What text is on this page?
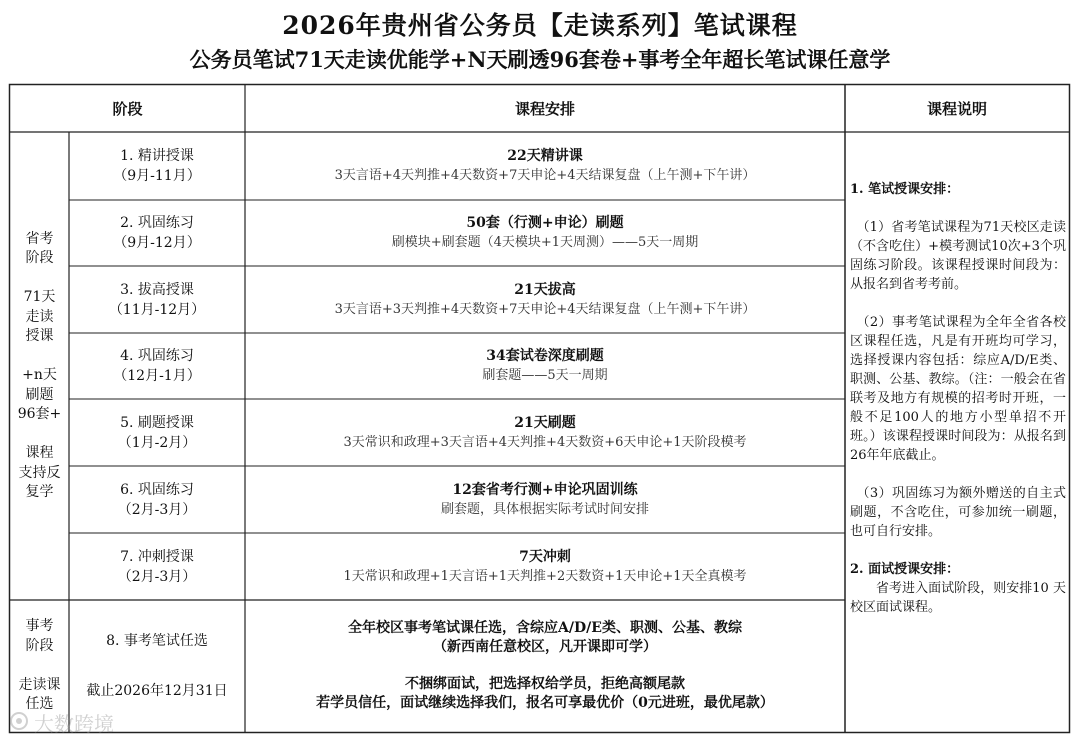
2026年贵州省公务员【走读系列】笔试课程
公务员笔试71天走读优能学+N天刷透96套卷+事考全年超长笔试课任意学
阶段	课程安排	课程说明
省考
阶段
71天
走读
授课
+n天
刷题
96套+
课程
支持反
复学
1. 精讲授课
（9月-11月）
22天精讲课
3天言语+4天判推+4天数资+7天申论+4天结课复盘（上午测+下午讲）
2. 巩固练习
（9月-12月）
50套（行测+申论）刷题
刷模块+刷套题（4天模块+1天周测）——5天一周期
3. 拔高授课
（11月-12月）
21天拔高
3天言语+3天判推+4天数资+7天申论+4天结课复盘（上午测+下午讲）
4. 巩固练习
（12月-1月）
34套试卷深度刷题
刷套题——5天一周期
5. 刷题授课
（1月-2月）
21天刷题
3天常识和政理+3天言语+4天判推+4天数资+6天申论+1天阶段模考
6. 巩固练习
（2月-3月）
12套省考行测+申论巩固训练
刷套题，具体根据实际考试时间安排
7. 冲刺授课
（2月-3月）
7天冲刺
1天常识和政理+1天言语+1天判推+2天数资+1天申论+1天全真模考
事考
阶段
走读课
任选
8. 事考笔试任选
截止2026年12月31日
全年校区事考笔试课任选，含综应A/D/E类、职测、公基、教综
（新西南任意校区，凡开课即可学）
不捆绑面试，把选择权给学员，拒绝高额尾款
若学员信任，面试继续选择我们，报名可享最优价（0元进班，最优尾款）

1. 笔试授课安排：

（1）省考笔试课程为71天校区走读（不含吃住）+模考测试10次+3个巩固练习阶段。该课程授课时间段为：从报名到省考考前。

（2）事考笔试课程为全年全省各校区课程任选，凡是有开班均可学习，选择授课内容包括：综应A/D/E类、职测、公基、教综。（注：一般会在省联考及地方有规模的招考时开班，一般不足100人的地方小型单招不开班。）该课程授课时间段为：从报名到26年年底截止。

（3）巩固练习为额外赠送的自主式刷题，不含吃住，可参加统一刷题，也可自行安排。

2. 面试授课安排：

省考进入面试阶段，则安排10 天校区面试课程。

大数跨境
